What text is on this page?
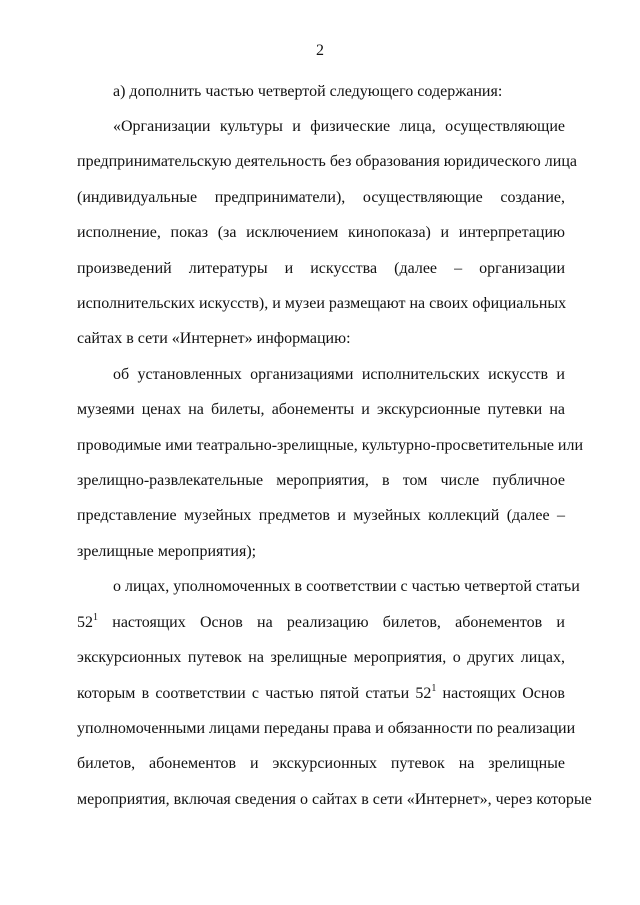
2
а) дополнить частью четвертой следующего содержания:
«Организации культуры и физические лица, осуществляющие
предпринимательскую деятельность без образования юридического лица
(индивидуальные предприниматели), осуществляющие создание,
исполнение, показ (за исключением кинопоказа) и интерпретацию
произведений литературы и искусства (далее – организации
исполнительских искусств), и музеи размещают на своих официальных
сайтах в сети «Интернет» информацию:
об установленных организациями исполнительских искусств и
музеями ценах на билеты, абонементы и экскурсионные путевки на
проводимые ими театрально-зрелищные, культурно-просветительные или
зрелищно-развлекательные мероприятия, в том числе публичное
представление музейных предметов и музейных коллекций (далее –
зрелищные мероприятия);
о лицах, уполномоченных в соответствии с частью четвертой статьи
$52^1$ настоящих Основ на реализацию билетов, абонементов и
экскурсионных путевок на зрелищные мероприятия, о других лицах,
которым в соответствии с частью пятой статьи $52^1$ настоящих Основ
уполномоченными лицами переданы права и обязанности по реализации
билетов, абонементов и экскурсионных путевок на зрелищные
мероприятия, включая сведения о сайтах в сети «Интернет», через которые
